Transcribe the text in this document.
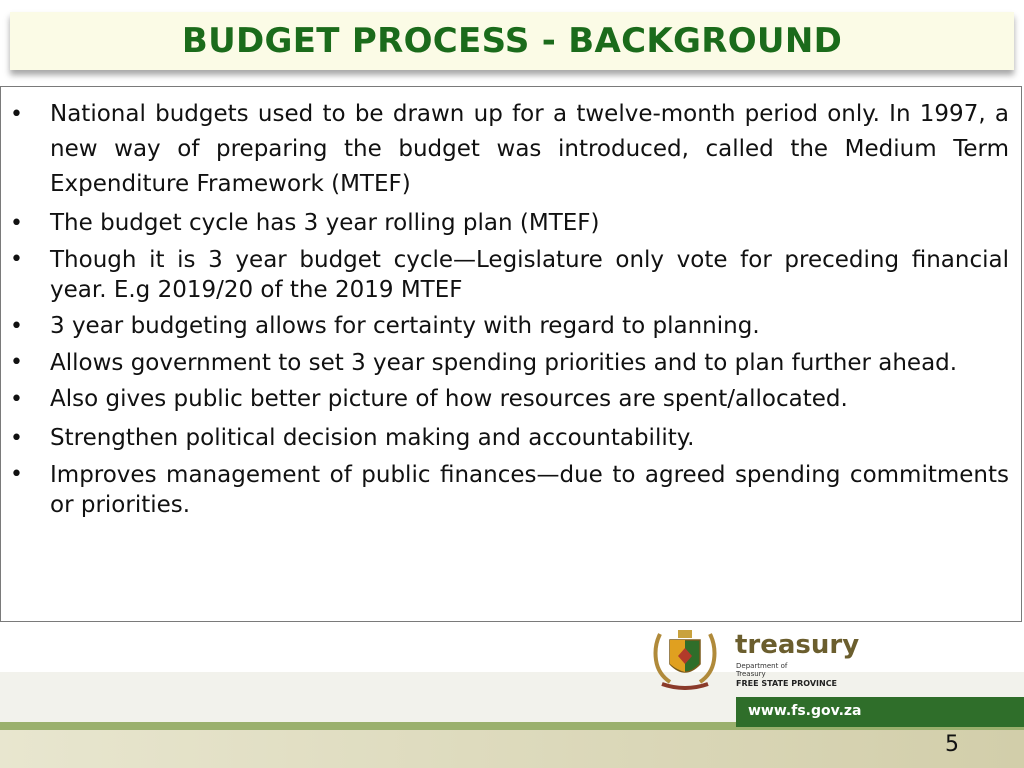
BUDGET PROCESS - BACKGROUND
• National budgets used to be drawn up for a twelve-month period only. In 1997, a new way of preparing the budget was introduced, called the Medium Term Expenditure Framework (MTEF)
• The budget cycle has 3 year rolling plan (MTEF)
• Though it is 3 year budget cycle—Legislature only vote for preceding financial year. E.g 2019/20 of the 2019 MTEF
• 3 year budgeting allows for certainty with regard to planning.
• Allows government to set 3 year spending priorities and to plan further ahead.
• Also gives public better picture of how resources are spent/allocated.
• Strengthen political decision making and accountability.
• Improves management of public finances—due to agreed spending commitments or priorities.
treasury
Department of
Treasury
FREE STATE PROVINCE
www.fs.gov.za
5
